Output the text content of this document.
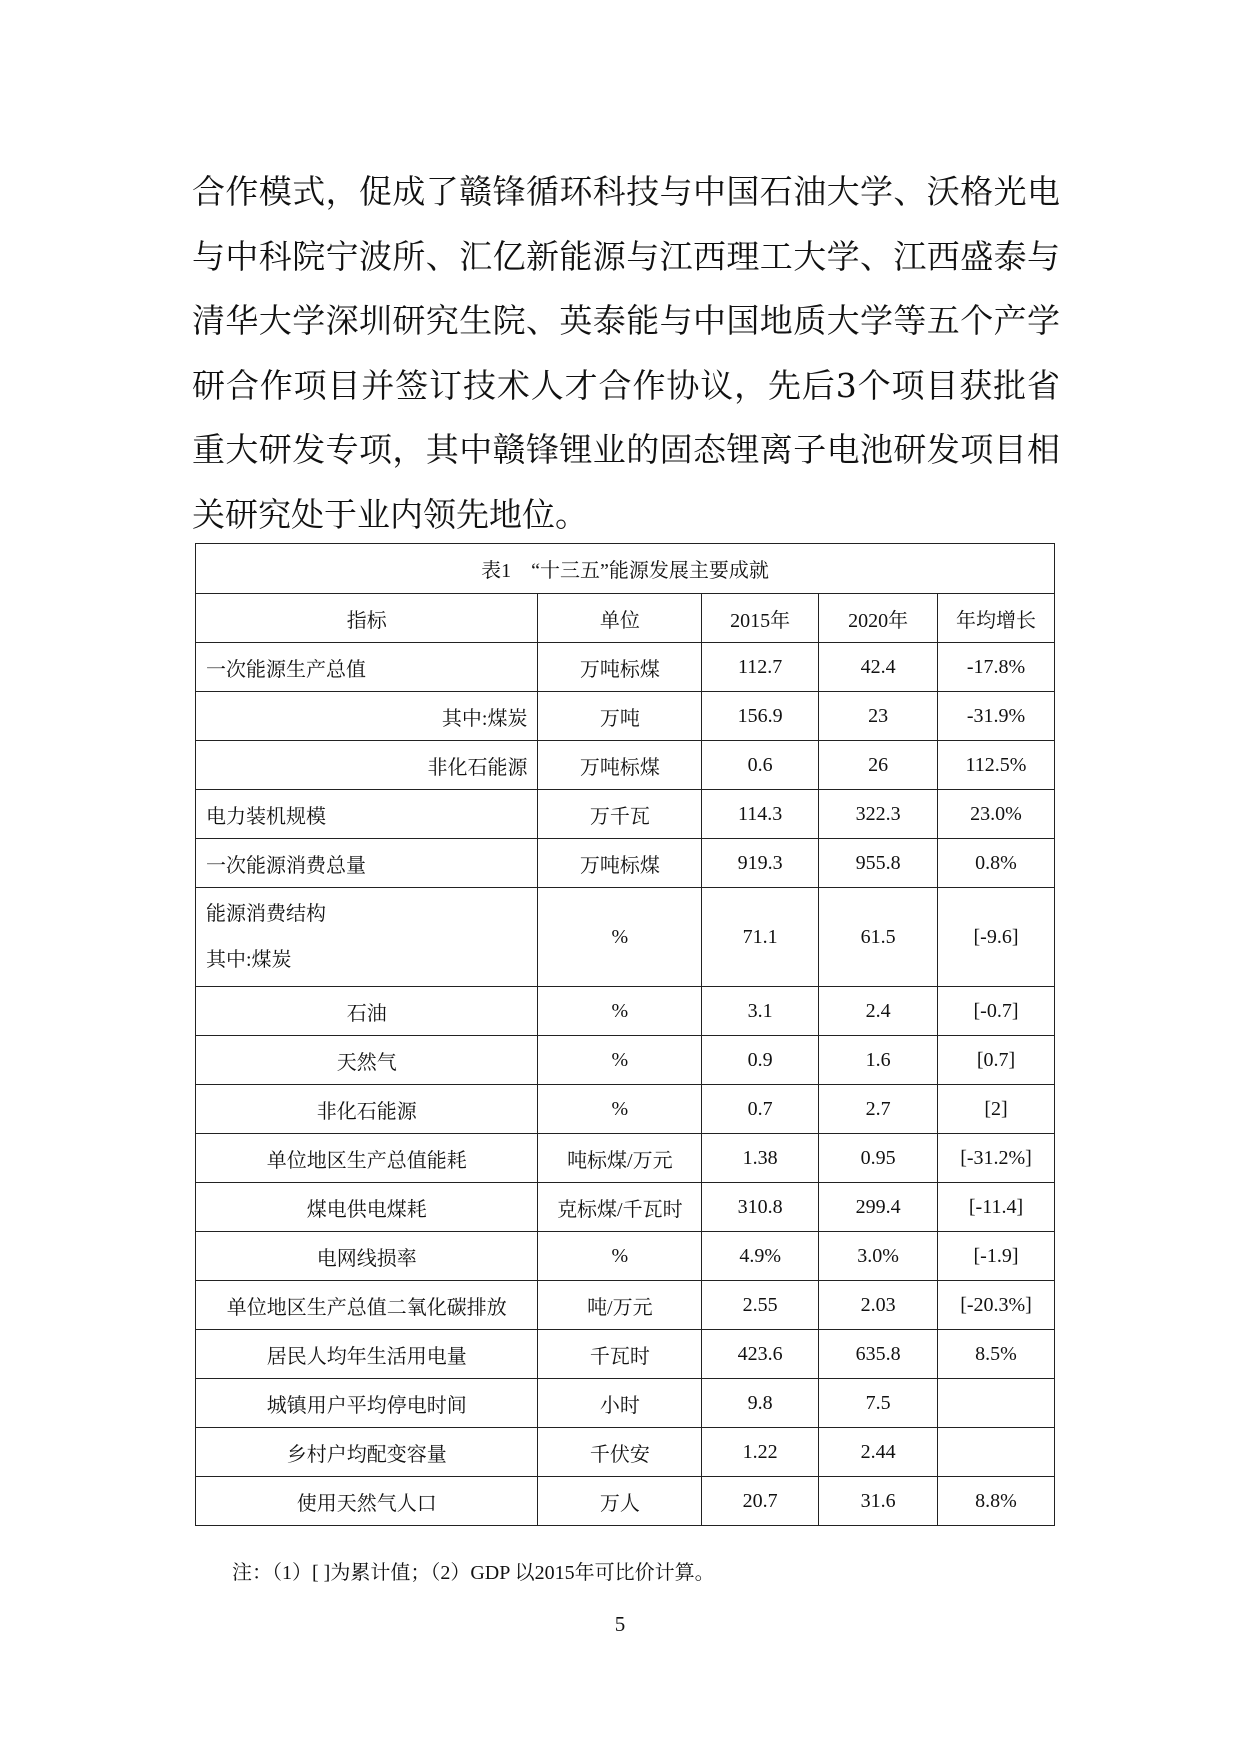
合作模式，促成了赣锋循环科技与中国石油大学、沃格光电
与中科院宁波所、汇亿新能源与江西理工大学、江西盛泰与
清华大学深圳研究生院、英泰能与中国地质大学等五个产学
研合作项目并签订技术人才合作协议，先后3个项目获批省
重大研发专项，其中赣锋锂业的固态锂离子电池研发项目相
关研究处于业内领先地位。
表1　“十三五”能源发展主要成就				
指标	单位	2015年	2020年	年均增长
一次能源生产总值	万吨标煤	112.7	42.4	-17.8%
其中:煤炭	万吨	156.9	23	-31.9%
非化石能源	万吨标煤	0.6	26	112.5%
电力装机规模	万千瓦	114.3	322.3	23.0%
一次能源消费总量	万吨标煤	919.3	955.8	0.8%

能源消费结构
其中:煤炭	%	71.1	61.5	[-9.6]
石油	%	3.1	2.4	[-0.7]
天然气	%	0.9	1.6	[0.7]
非化石能源	%	0.7	2.7	[2]
单位地区生产总值能耗	吨标煤/万元	1.38	0.95	[-31.2%]
煤电供电煤耗	克标煤/千瓦时	310.8	299.4	[-11.4]
电网线损率	%	4.9%	3.0%	[-1.9]
单位地区生产总值二氧化碳排放	吨/万元	2.55	2.03	[-20.3%]
居民人均年生活用电量	千瓦时	423.6	635.8	8.5%
城镇用户平均停电时间	小时	9.8	7.5	
乡村户均配变容量	千伏安	1.22	2.44	
使用天然气人口	万人	20.7	31.6	8.8%
注：（1）[ ]为累计值；（2）GDP 以2015年可比价计算。
5
